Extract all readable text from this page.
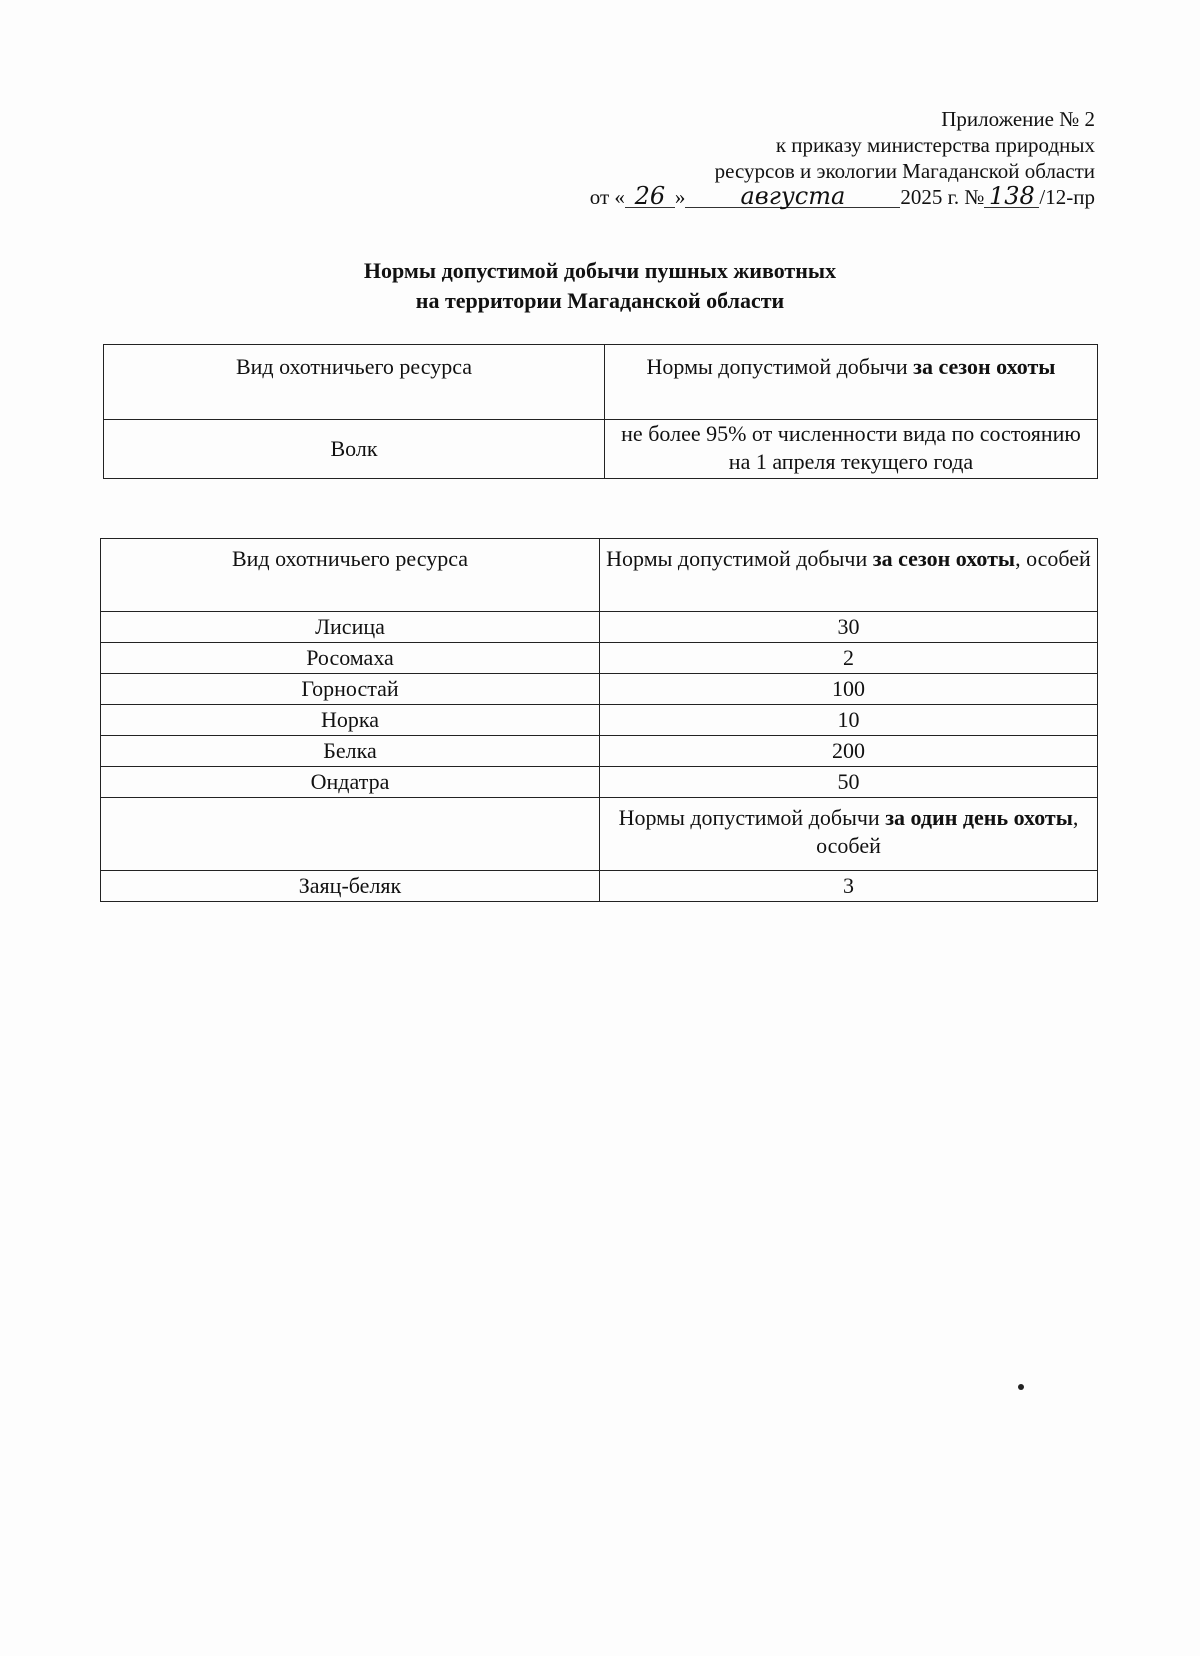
Приложение № 2
к приказу министерства природных
ресурсов и экологии Магаданской области
от « 26 » августа	2025 г. № 138 /12-пр
Нормы допустимой добычи пушных животных
на территории Магаданской области
Вид охотничьего ресурса	Нормы допустимой добычи за сезон охоты
Волк	не более 95% от численности вида по состоянию на 1 апреля текущего года
Вид охотничьего ресурса	Нормы допустимой добычи за сезон охоты, особей
Лисица	30
Росомаха	2
Горностай	100
Норка	10
Белка	200
Ондатра	50
	Нормы допустимой добычи за один день охоты, особей
Заяц-беляк	3
